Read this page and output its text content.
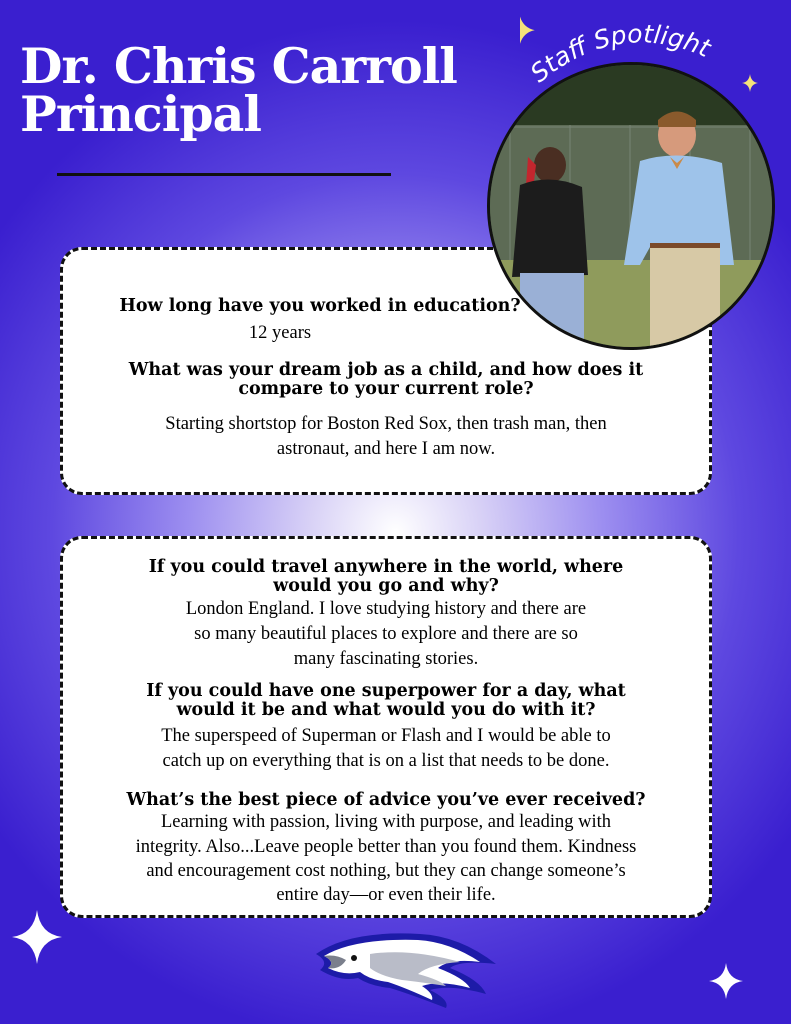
Dr. Chris Carroll
Principal
Staff Spotlight

How long have you worked in education?

12 years

What was your dream job as a child, and how does it

compare to your current role?

Starting shortstop for Boston Red Sox, then trash man, then

astronaut, and here I am now.

If you could travel anywhere in the world, where

would you go and why?

London England. I love studying history and there are

so many beautiful places to explore and there are so

many fascinating stories.

If you could have one superpower for a day, what

would it be and what would you do with it?

The superspeed of Superman or Flash and I would be able to

catch up on everything that is on a list that needs to be done.

What’s the best piece of advice you’ve ever received?

Learning with passion, living with purpose, and leading with

integrity. Also...Leave people better than you found them. Kindness

and encouragement cost nothing, but they can change someone’s

entire day—or even their life.
